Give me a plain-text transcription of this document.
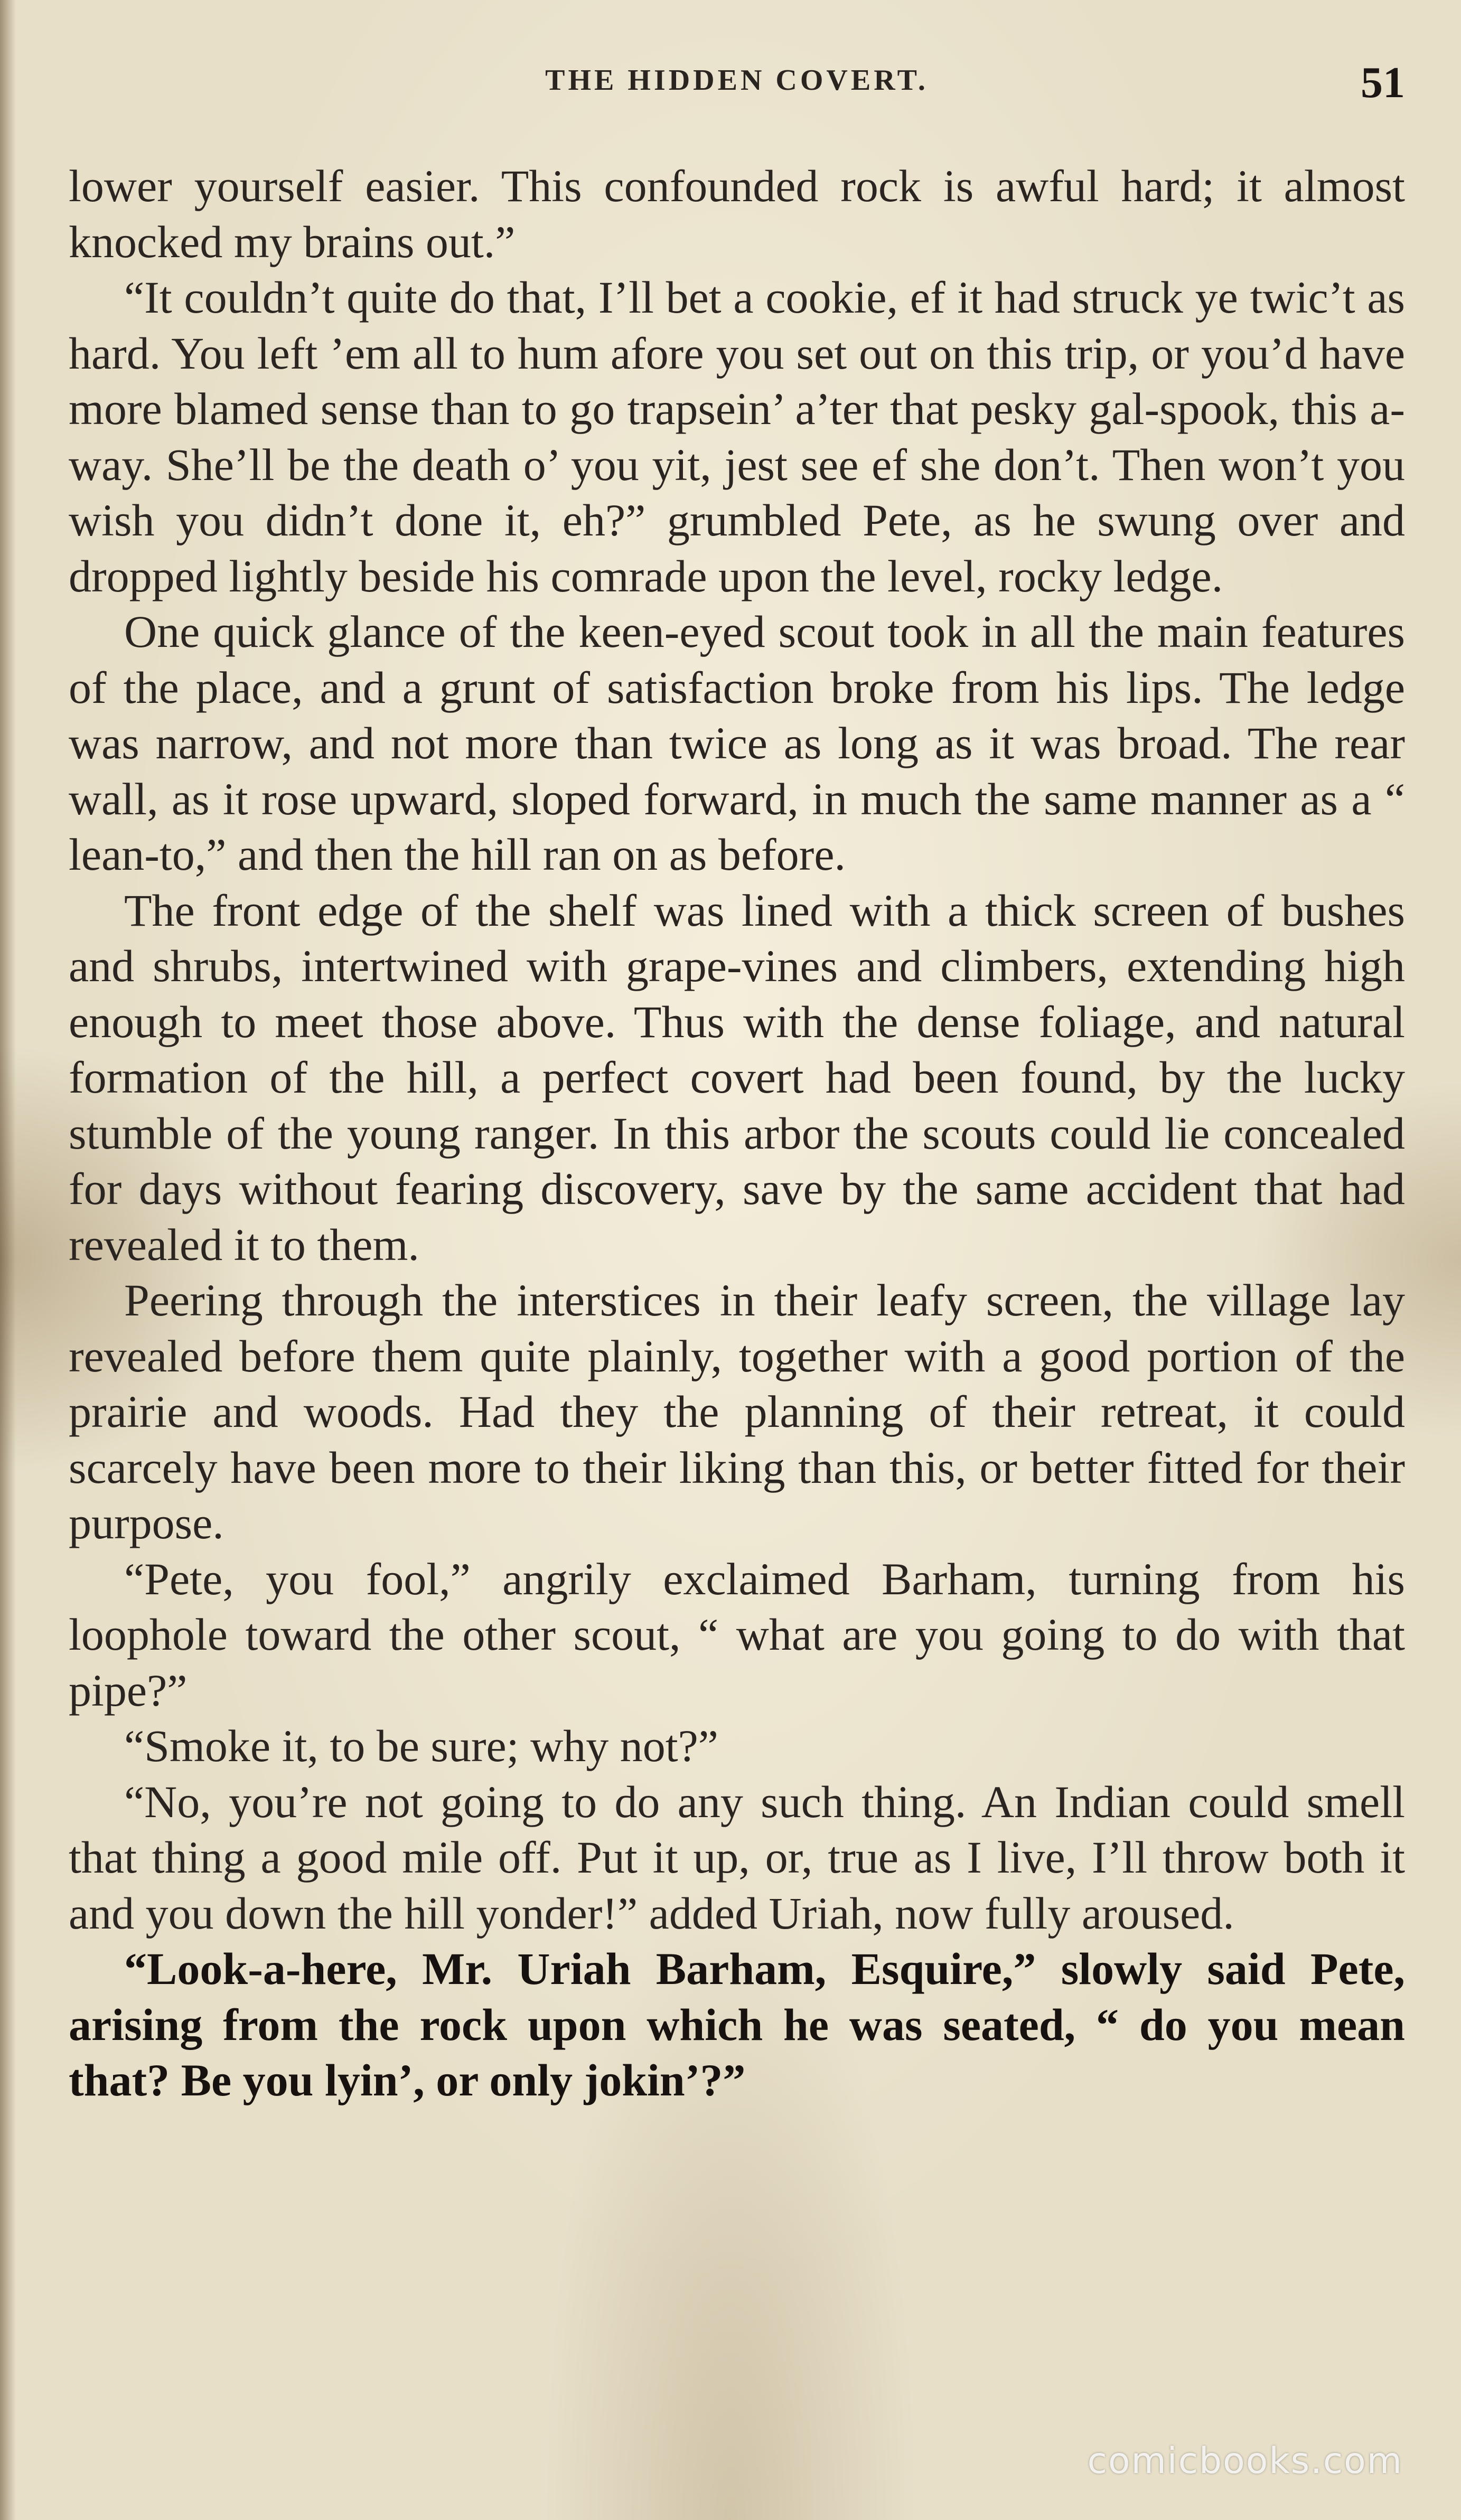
THE HIDDEN COVERT.	51

lower yourself easier. This confounded rock is awful hard; it almost knocked my brains out.”

“It couldn’t quite do that, I’ll bet a cookie, ef it had struck ye twic’t as hard. You left ’em all to hum afore you set out on this trip, or you’d have more blamed sense than to go trapsein’ a’ter that pesky gal-spook, this a-way. She’ll be the death o’ you yit, jest see ef she don’t. Then won’t you wish you didn’t done it, eh?” grumbled Pete, as he swung over and dropped lightly beside his comrade upon the level, rocky ledge.

One quick glance of the keen-eyed scout took in all the main features of the place, and a grunt of satisfaction broke from his lips. The ledge was narrow, and not more than twice as long as it was broad. The rear wall, as it rose upward, sloped forward, in much the same manner as a “ lean-to,” and then the hill ran on as before.

The front edge of the shelf was lined with a thick screen of bushes and shrubs, intertwined with grape-vines and climbers, extending high enough to meet those above. Thus with the dense foliage, and natural formation of the hill, a perfect covert had been found, by the lucky stumble of the young ranger. In this arbor the scouts could lie concealed for days without fearing discovery, save by the same accident that had revealed it to them.

Peering through the interstices in their leafy screen, the village lay revealed before them quite plainly, together with a good portion of the prairie and woods. Had they the planning of their retreat, it could scarcely have been more to their liking than this, or better fitted for their purpose.

“Pete, you fool,” angrily exclaimed Barham, turning from his loophole toward the other scout, “ what are you going to do with that pipe?”

“Smoke it, to be sure; why not?”

“No, you’re not going to do any such thing. An Indian could smell that thing a good mile off. Put it up, or, true as I live, I’ll throw both it and you down the hill yonder!” added Uriah, now fully aroused.

“Look-a-here, Mr. Uriah Barham, Esquire,” slowly said Pete, arising from the rock upon which he was seated, “ do you mean that? Be you lyin’, or only jokin’?”

comicbooks.com
